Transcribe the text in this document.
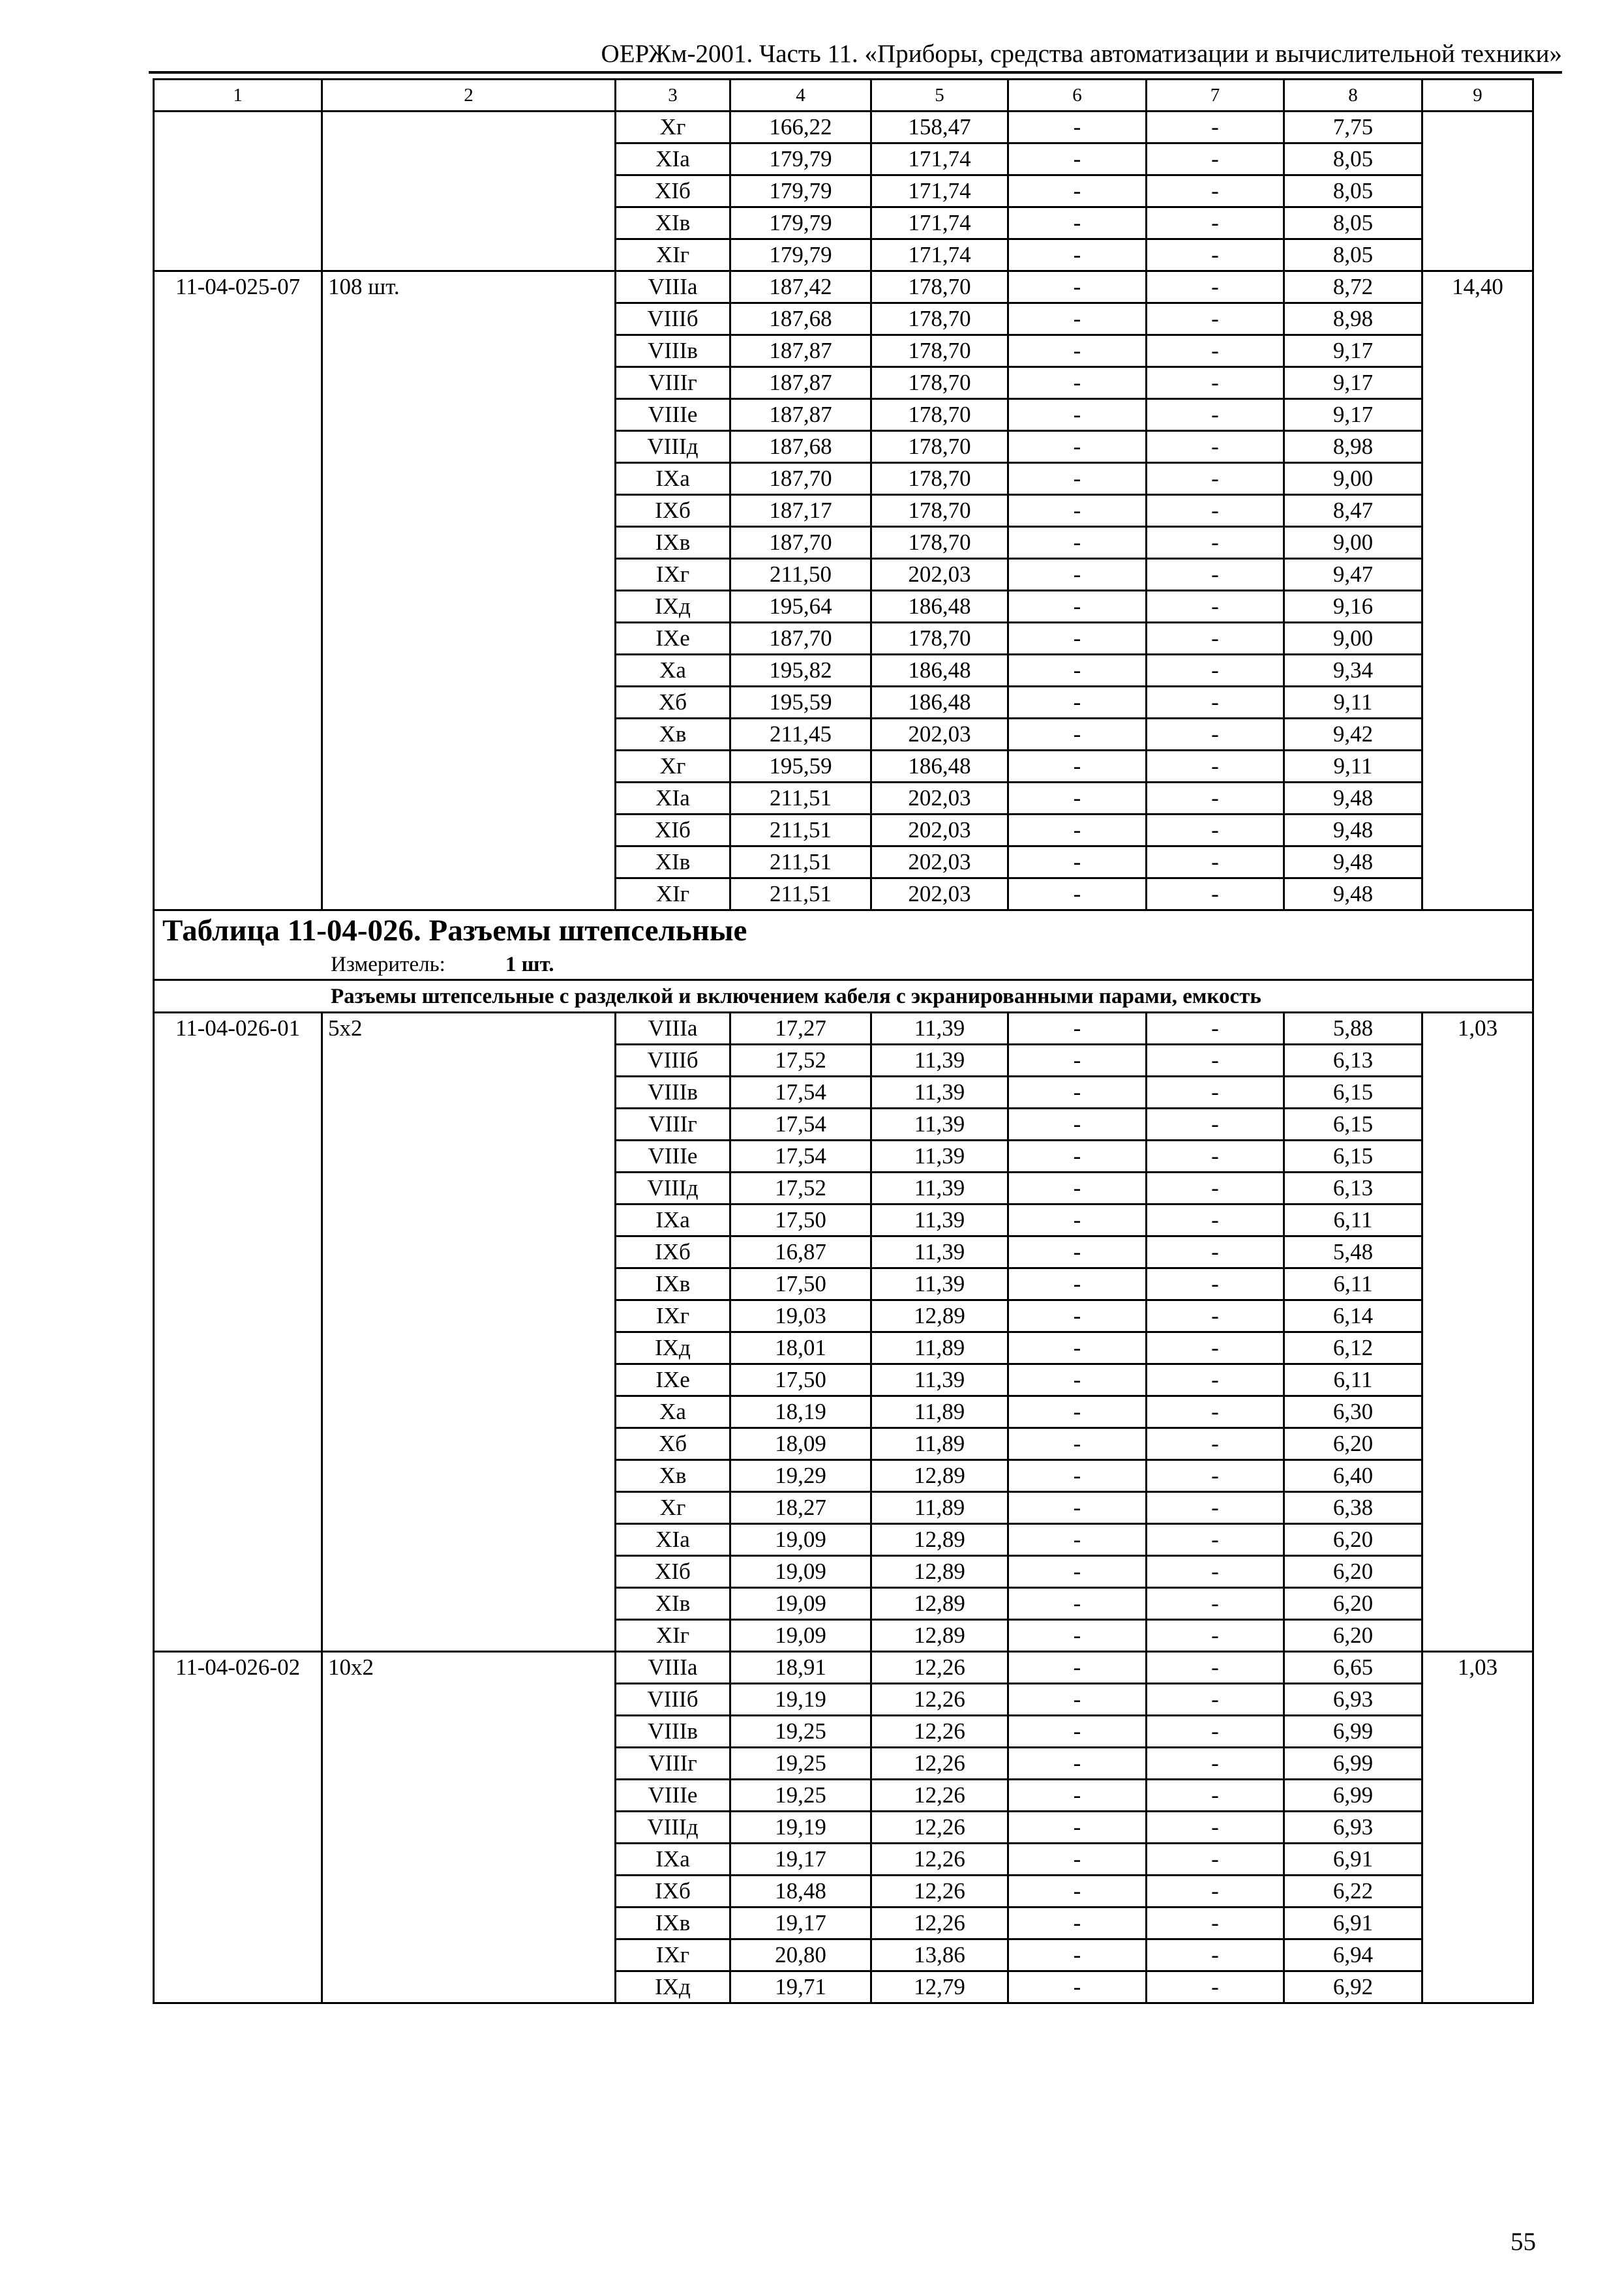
ОЕРЖм-2001. Часть 11. «Приборы, средства автоматизации и вычислительной техники»
1	2	3	4	5	6	7	8	9
		Xг	166,22	158,47	-	-	7,75	
		XIа	179,79	171,74	-	-	8,05	
		XIб	179,79	171,74	-	-	8,05	
		XIв	179,79	171,74	-	-	8,05	
		XIг	179,79	171,74	-	-	8,05	
11-04-025-07	108 шт.	VIIIа	187,42	178,70	-	-	8,72	14,40
		VIIIб	187,68	178,70	-	-	8,98	
		VIIIв	187,87	178,70	-	-	9,17	
		VIIIг	187,87	178,70	-	-	9,17	
		VIIIе	187,87	178,70	-	-	9,17	
		VIIIд	187,68	178,70	-	-	8,98	
		IXа	187,70	178,70	-	-	9,00	
		IXб	187,17	178,70	-	-	8,47	
		IXв	187,70	178,70	-	-	9,00	
		IXг	211,50	202,03	-	-	9,47	
		IXд	195,64	186,48	-	-	9,16	
		IXе	187,70	178,70	-	-	9,00	
		Xа	195,82	186,48	-	-	9,34	
		Xб	195,59	186,48	-	-	9,11	
		Xв	211,45	202,03	-	-	9,42	
		Xг	195,59	186,48	-	-	9,11	
		XIа	211,51	202,03	-	-	9,48	
		XIб	211,51	202,03	-	-	9,48	
		XIв	211,51	202,03	-	-	9,48	
		XIг	211,51	202,03	-	-	9,48	

Таблица 11-04-026. Разъемы штепсельные
Измеритель: 1 шт.								

Разъемы штепсельные с разделкой и включением кабеля с экранированными парами, емкость								
11-04-026-01	5x2	VIIIа	17,27	11,39	-	-	5,88	1,03
		VIIIб	17,52	11,39	-	-	6,13	
		VIIIв	17,54	11,39	-	-	6,15	
		VIIIг	17,54	11,39	-	-	6,15	
		VIIIе	17,54	11,39	-	-	6,15	
		VIIIд	17,52	11,39	-	-	6,13	
		IXа	17,50	11,39	-	-	6,11	
		IXб	16,87	11,39	-	-	5,48	
		IXв	17,50	11,39	-	-	6,11	
		IXг	19,03	12,89	-	-	6,14	
		IXд	18,01	11,89	-	-	6,12	
		IXе	17,50	11,39	-	-	6,11	
		Xа	18,19	11,89	-	-	6,30	
		Xб	18,09	11,89	-	-	6,20	
		Xв	19,29	12,89	-	-	6,40	
		Xг	18,27	11,89	-	-	6,38	
		XIа	19,09	12,89	-	-	6,20	
		XIб	19,09	12,89	-	-	6,20	
		XIв	19,09	12,89	-	-	6,20	
		XIг	19,09	12,89	-	-	6,20	
11-04-026-02	10x2	VIIIа	18,91	12,26	-	-	6,65	1,03
		VIIIб	19,19	12,26	-	-	6,93	
		VIIIв	19,25	12,26	-	-	6,99	
		VIIIг	19,25	12,26	-	-	6,99	
		VIIIе	19,25	12,26	-	-	6,99	
		VIIIд	19,19	12,26	-	-	6,93	
		IXа	19,17	12,26	-	-	6,91	
		IXб	18,48	12,26	-	-	6,22	
		IXв	19,17	12,26	-	-	6,91	
		IXг	20,80	13,86	-	-	6,94	
		IXд	19,71	12,79	-	-	6,92	
55
